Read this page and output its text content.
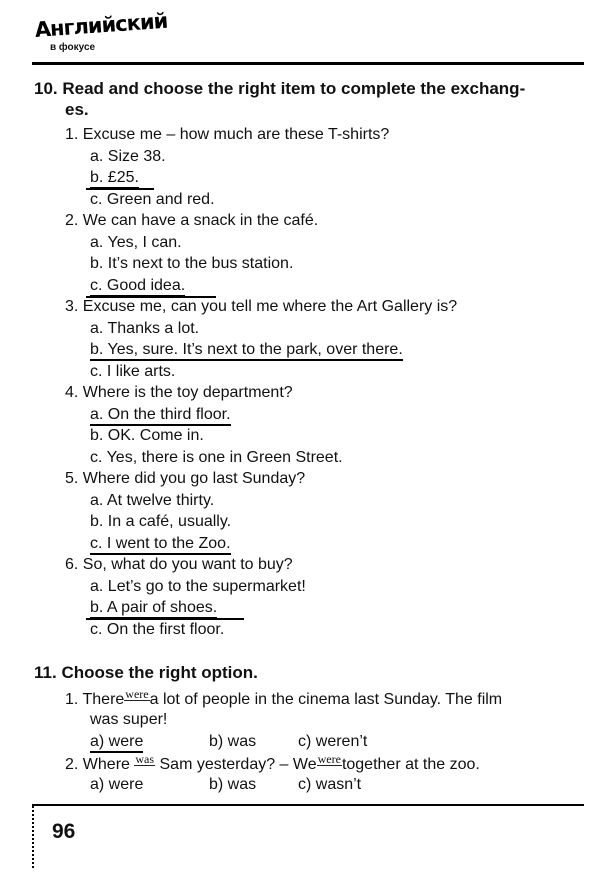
Английский
в фокусе
10. Read and choose the right item to complete the exchang-
es.
1. Excuse me – how much are these T-shirts?
a. Size 38.
b. £25.
c. Green and red.
2. We can have a snack in the café.
a. Yes, I can.
b. It’s next to the bus station.
c. Good idea.
3. Excuse me, can you tell me where the Art Gallery is?
a. Thanks a lot.
b. Yes, sure. It’s next to the park, over there.
c. I like arts.
4. Where is the toy department?
a. On the third floor.
b. OK. Come in.
c. Yes, there is one in Green Street.
5. Where did you go last Sunday?
a. At twelve thirty.
b. In a café, usually.
c. I went to the Zoo.
6. So, what do you want to buy?
a. Let’s go to the supermarket!
b. A pair of shoes.
c. On the first floor.
11. Choose the right option.
1. Therewerea lot of people in the cinema last Sunday. The film
was super!
a) were	b) was	c) weren’t
2. Where was Sam yesterday? – Weweretogether at the zoo.
a) were	b) was	c) wasn’t
96
